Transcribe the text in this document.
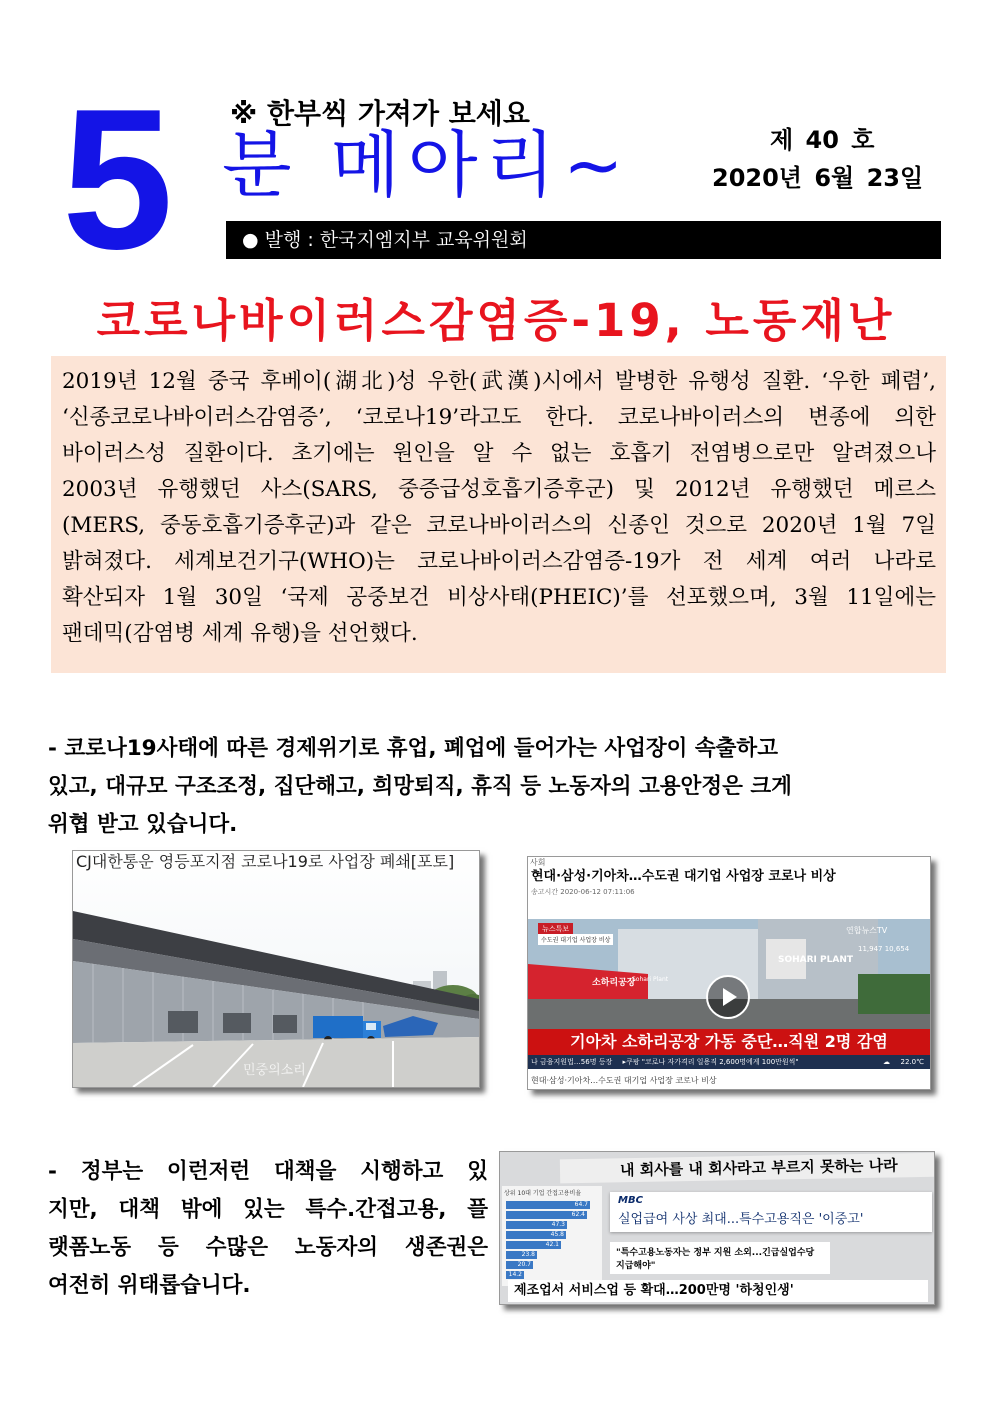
5 ※ 한부씩 가져가 보세요
분 메아리~	제 40 호
2020년 6월 23일
● 발행 : 한국지엠지부 교육위원회
코로나바이러스감염증-19, 노동재난
2019년 12월 중국 후베이(湖北)성 우한(武漢)시에서 발병한 유행성 질환. ‘우한 폐렴’,
‘신종코로나바이러스감염증’, ‘코로나19’라고도 한다. 코로나바이러스의 변종에 의한
바이러스성 질환이다. 초기에는 원인을 알 수 없는 호흡기 전염병으로만 알려졌으나
2003년 유행했던 사스(SARS, 중증급성호흡기증후군) 및 2012년 유행했던 메르스
(MERS, 중동호흡기증후군)과 같은 코로나바이러스의 신종인 것으로 2020년 1월 7일
밝혀졌다. 세계보건기구(WHO)는 코로나바이러스감염증-19가 전 세계 여러 나라로
확산되자 1월 30일 ‘국제 공중보건 비상사태(PHEIC)’를 선포했으며, 3월 11일에는
팬데믹(감염병 세계 유행)을 선언했다.
- 코로나19사태에 따른 경제위기로 휴업, 폐업에 들어가는 사업장이 속출하고
있고, 대규모 구조조정, 집단해고, 희망퇴직, 휴직 등 노동자의 고용안정은 크게
위협 받고 있습니다.
CJ대한통운 영등포지점 코로나19로 사업장 폐쇄[포토]
민중의소리
사회
현대·삼성·기아차…수도권 대기업 사업장 코로나 비상
송고시간 2020-06-12 07:11:06
뉴스특보
수도권 대기업 사업장 비상
연합뉴스TV
11,947 10,654
SOHARI PLANT
소하리공장
Sohari Plant
기아차 소하리공장 가동 중단…직원 2명 감염
나 금융지원법…56명 등장 ▸쿠팡 "코로나 자가격리 일용직 2,600명에게 100만원씩"	☁ 22.0℃
현대·삼성·기아차…수도권 대기업 사업장 코로나 비상
- 정부는 이런저런 대책을 시행하고 있
지만, 대책 밖에 있는 특수.간접고용, 플
랫폼노동 등 수많은 노동자의 생존권은
여전히 위태롭습니다.
내 회사를 내 회사라고 부르지 못하는 나라
상위 10대 기업 간접고용비율
64.7
62.4
47.3
45.8
42.1
23.8
20.7
14.2
MBC
실업급여 사상 최대...특수고용직은 '이중고'
"특수고용노동자는 정부 지원 소외...긴급실업수당 지급해야"
제조업서 서비스업 등 확대…200만명 '하청인생'
